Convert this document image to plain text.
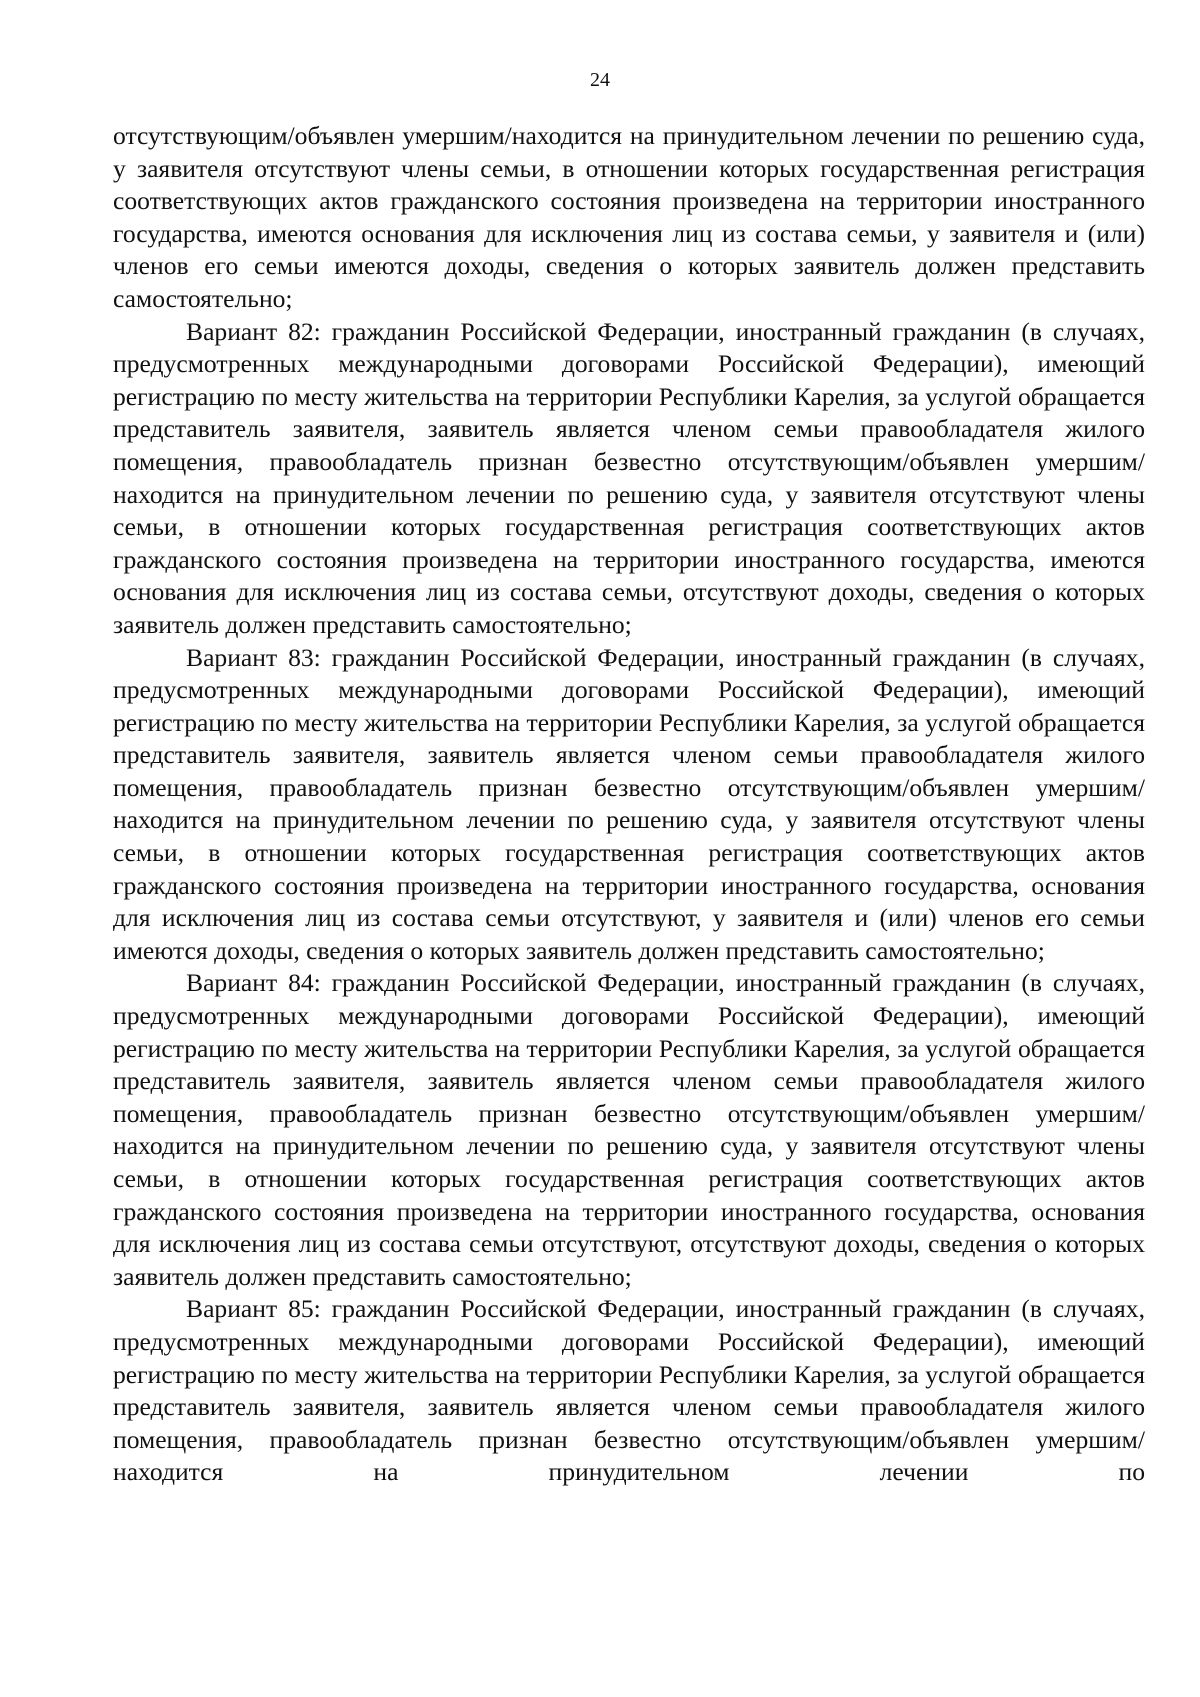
24

отсутствующим/объявлен умершим/находится на принудительном лечении по решению суда, у заявителя отсутствуют члены семьи, в отношении которых государственная регистрация соответствующих актов гражданского состояния произведена на территории иностранного государства, имеются основания для исключения лиц из состава семьи, у заявителя и (или) членов его семьи имеются доходы, сведения о которых заявитель должен представить самостоятельно;

Вариант 82: гражданин Российской Федерации, иностранный гражданин (в случаях, предусмотренных международными договорами Российской Федерации), имеющий регистрацию по месту жительства на территории Республики Карелия, за услугой обращается представитель заявителя, заявитель является членом семьи правообладателя жилого помещения, правообладатель признан безвестно отсутствующим/объявлен умершим/находится на принудительном лечении по решению суда, у заявителя отсутствуют члены семьи, в отношении которых государственная регистрация соответствующих актов гражданского состояния произведена на территории иностранного государства, имеются основания для исключения лиц из состава семьи, отсутствуют доходы, сведения о которых заявитель должен представить самостоятельно;

Вариант 83: гражданин Российской Федерации, иностранный гражданин (в случаях, предусмотренных международными договорами Российской Федерации), имеющий регистрацию по месту жительства на территории Республики Карелия, за услугой обращается представитель заявителя, заявитель является членом семьи правообладателя жилого помещения, правообладатель признан безвестно отсутствующим/объявлен умершим/находится на принудительном лечении по решению суда, у заявителя отсутствуют члены семьи, в отношении которых государственная регистрация соответствующих актов гражданского состояния произведена на территории иностранного государства, основания для исключения лиц из состава семьи отсутствуют, у заявителя и (или) членов его семьи имеются доходы, сведения о которых заявитель должен представить самостоятельно;

Вариант 84: гражданин Российской Федерации, иностранный гражданин (в случаях, предусмотренных международными договорами Российской Федерации), имеющий регистрацию по месту жительства на территории Республики Карелия, за услугой обращается представитель заявителя, заявитель является членом семьи правообладателя жилого помещения, правообладатель признан безвестно отсутствующим/объявлен умершим/находится на принудительном лечении по решению суда, у заявителя отсутствуют члены семьи, в отношении которых государственная регистрация соответствующих актов гражданского состояния произведена на территории иностранного государства, основания для исключения лиц из состава семьи отсутствуют, отсутствуют доходы, сведения о которых заявитель должен представить самостоятельно;

Вариант 85: гражданин Российской Федерации, иностранный гражданин (в случаях, предусмотренных международными договорами Российской Федерации), имеющий регистрацию по месту жительства на территории Республики Карелия, за услугой обращается представитель заявителя, заявитель является членом семьи правообладателя жилого помещения, правообладатель признан безвестно отсутствующим/объявлен умершим/находится на принудительном лечении по
